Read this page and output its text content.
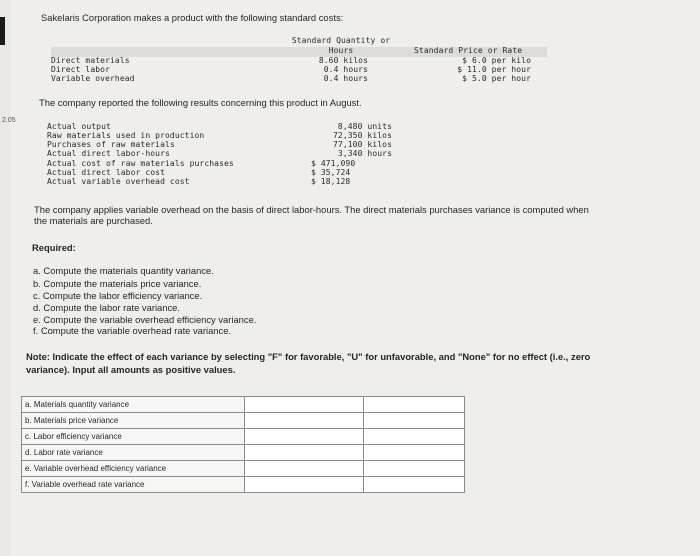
2.05
Sakelaris Corporation makes a product with the following standard costs:
Standard Quantity or
Hours	Standard Price or Rate
Direct materials	8.60 kilos	$ 6.0 per kilo
Direct labor	0.4 hours	$ 11.0 per hour
Variable overhead	0.4 hours	$ 5.0 per hour
The company reported the following results concerning this product in August.
Actual output	8,480 units
Raw materials used in production	72,350 kilos
Purchases of raw materials	77,100 kilos
Actual direct labor-hours	3,340 hours
Actual cost of raw materials purchases	$ 471,090
Actual direct labor cost	$ 35,724
Actual variable overhead cost	$ 18,128
The company applies variable overhead on the basis of direct labor-hours. The direct materials purchases variance is computed when
the materials are purchased.
Required:
a. Compute the materials quantity variance.
b. Compute the materials price variance.
c. Compute the labor efficiency variance.
d. Compute the labor rate variance.
e. Compute the variable overhead efficiency variance.
f. Compute the variable overhead rate variance.
Note: Indicate the effect of each variance by selecting "F" for favorable, "U" for unfavorable, and "None" for no effect (i.e., zero
variance). Input all amounts as positive values.
a. Materials quantity variance		
b. Materials price variance		
c. Labor efficiency variance		
d. Labor rate variance		
e. Variable overhead efficiency variance		
f. Variable overhead rate variance		
